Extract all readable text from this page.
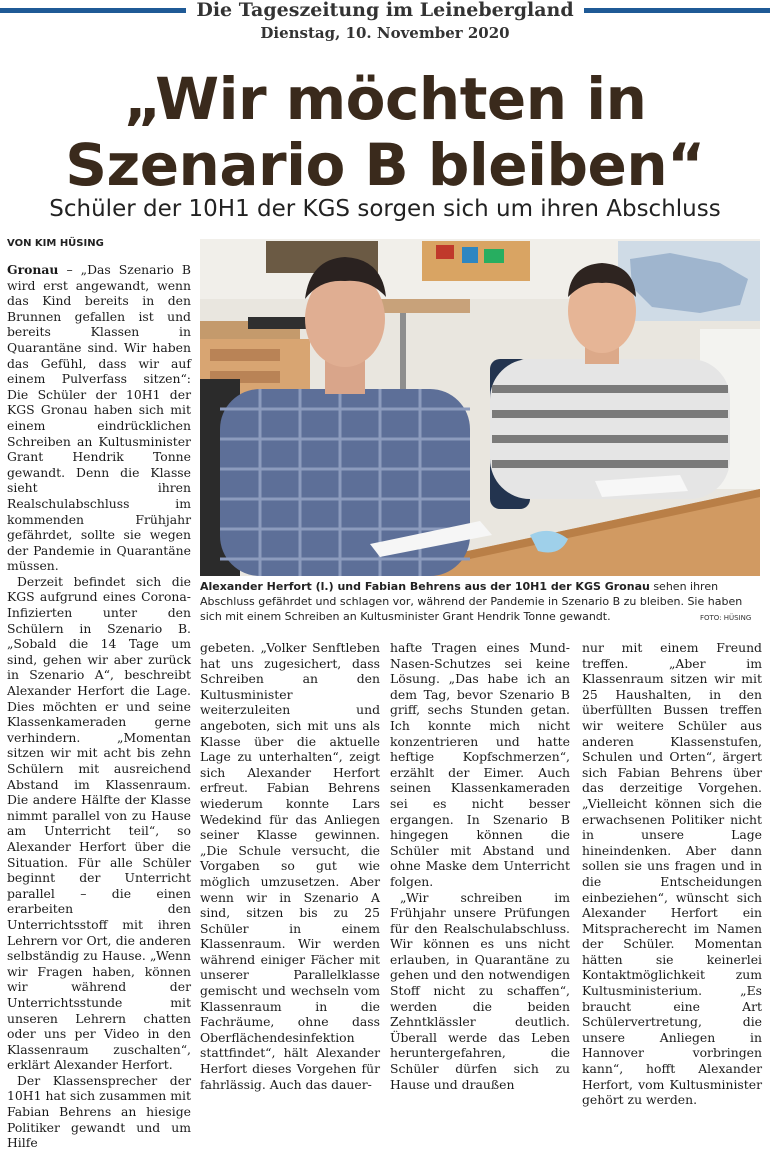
Die Tageszeitung im Leinebergland
Dienstag, 10. November 2020
„Wir möchten in
Szenario B bleiben“
Schüler der 10H1 der KGS sorgen sich um ihren Abschluss
VON KIM HÜSING
Alexander Herfort (l.) und Fabian Behrens aus der 10H1 der KGS Gronau sehen ihren Abschluss gefährdet und schlagen vor, während der Pandemie in Szenario B zu bleiben. Sie haben sich mit einem Schreiben an Kultusminister Grant Hendrik Tonne gewandt.	FOTO: HÜSING

Gronau – „Das Szenario B wird erst angewandt, wenn das Kind bereits in den Brunnen gefallen ist und bereits Klassen in Quarantäne sind. Wir haben das Gefühl, dass wir auf einem Pulverfass sitzen“: Die Schüler der 10H1 der KGS Gronau haben sich mit einem eindrücklichen Schreiben an Kultusminister Grant Hendrik Tonne gewandt. Denn die Klasse sieht ihren Realschulabschluss im kommenden Frühjahr gefährdet, sollte sie wegen der Pandemie in Quarantäne müssen.

Derzeit befindet sich die KGS aufgrund eines Corona-Infizierten unter den Schülern in Szenario B. „Sobald die 14 Tage um sind, gehen wir aber zurück in Szenario A“, beschreibt Alexander Herfort die Lage. Dies möchten er und seine Klassenkameraden gerne verhindern. „Momentan sitzen wir mit acht bis zehn Schülern mit ausreichend Abstand im Klassenraum. Die andere Hälfte der Klasse nimmt parallel von zu Hause am Unterricht teil“, so Alexander Herfort über die Situation. Für alle Schüler beginnt der Unterricht parallel – die einen erarbeiten den Unterrichtsstoff mit ihren Lehrern vor Ort, die anderen selbständig zu Hause. „Wenn wir Fragen haben, können wir während der Unterrichtsstunde mit unseren Lehrern chatten oder uns per Video in den Klassenraum zuschalten“, erklärt Alexander Herfort.

Der Klassensprecher der 10H1 hat sich zusammen mit Fabian Behrens an hiesige Politiker gewandt und um Hilfe

gebeten. „Volker Senftleben hat uns zugesichert, dass Schreiben an den Kultusminister weiterzuleiten und angeboten, sich mit uns als Klasse über die aktuelle Lage zu unterhalten“, zeigt sich Alexander Herfort erfreut. Fabian Behrens wiederum konnte Lars Wedekind für das Anliegen seiner Klasse gewinnen. „Die Schule versucht, die Vorgaben so gut wie möglich umzusetzen. Aber wenn wir in Szenario A sind, sitzen bis zu 25 Schüler in einem Klassenraum. Wir werden während einiger Fächer mit unserer Parallelklasse gemischt und wechseln vom Klassenraum in die Fachräume, ohne dass Oberflächendesinfektion stattfindet“, hält Alexander Herfort dieses Vorgehen für fahrlässig. Auch das dauer-

hafte Tragen eines Mund-Nasen-Schutzes sei keine Lösung. „Das habe ich an dem Tag, bevor Szenario B griff, sechs Stunden getan. Ich konnte mich nicht konzentrieren und hatte heftige Kopfschmerzen“, erzählt der Eimer. Auch seinen Klassenkameraden sei es nicht besser ergangen. In Szenario B hingegen können die Schüler mit Abstand und ohne Maske dem Unterricht folgen.

„Wir schreiben im Frühjahr unsere Prüfungen für den Realschulabschluss. Wir können es uns nicht erlauben, in Quarantäne zu gehen und den notwendigen Stoff nicht zu schaffen“, werden die beiden Zehntklässler deutlich. Überall werde das Leben heruntergefahren, die Schüler dürfen sich zu Hause und draußen

nur mit einem Freund treffen. „Aber im Klassenraum sitzen wir mit 25 Haushalten, in den überfüllten Bussen treffen wir weitere Schüler aus anderen Klassenstufen, Schulen und Orten“, ärgert sich Fabian Behrens über das derzeitige Vorgehen. „Vielleicht können sich die erwachsenen Politiker nicht in unsere Lage hineindenken. Aber dann sollen sie uns fragen und in die Entscheidungen einbeziehen“, wünscht sich Alexander Herfort ein Mitspracherecht im Namen der Schüler. Momentan hätten sie keinerlei Kontaktmöglichkeit zum Kultusministerium. „Es braucht eine Art Schülervertretung, die unsere Anliegen in Hannover vorbringen kann“, hofft Alexander Herfort, vom Kultusminister gehört zu werden.
